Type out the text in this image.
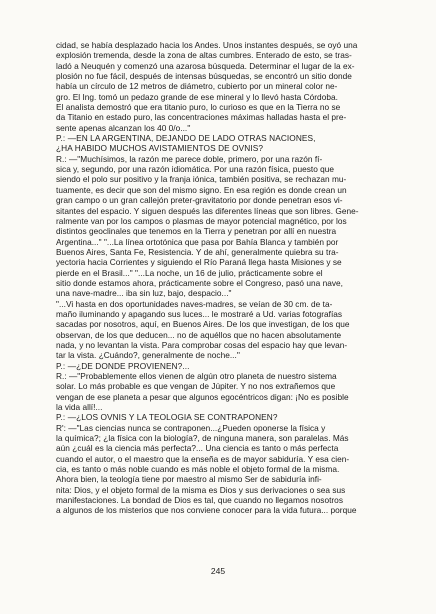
cidad, se había desplazado hacia los Andes. Unos instantes después, se oyó una
explosión tremenda, desde la zona de altas cumbres. Enterado de esto, se tras-
ladó a Neuquén y comenzó una azarosa búsqueda. Determinar el lugar de la ex-
plosión no fue fácil, después de intensas búsquedas, se encontró un sitio donde
había un círculo de 12 metros de diámetro, cubierto por un mineral color ne-
gro. El Ing. tomó un pedazo grande de ese mineral y lo llevó hasta Córdoba.
El analista demostró que era titanio puro, lo curioso es que en la Tierra no se
da Titanio en estado puro, las concentraciones máximas halladas hasta el pre-
sente apenas alcanzan los 40 0/o...''

P.: —EN LA ARGENTINA, DEJANDO DE LADO OTRAS NACIONES,
¿HA HABIDO MUCHOS AVISTAMIENTOS DE OVNIS?

R.: —"Muchísimos, la razón me parece doble, primero, por una razón fí-
sica y, segundo, por una razón idiomática. Por una razón física, puesto que
siendo el polo sur positivo y la franja iónica, también positiva, se rechazan mu-
tuamente, es decir que son del mismo signo. En esa región es donde crean un
gran campo o un gran callejón preter-gravitatorio por donde penetran esos vi-
sitantes del espacio. Y siguen después las diferentes líneas que son libres. Gene-
ralmente van por los campos o plasmas de mayor potencial magnético, por los
distintos geoclinales que tenemos en la Tierra y penetran por allí en nuestra
Argentina..." "...La línea ortotónica que pasa por Bahía Blanca y también por
Buenos Aires, Santa Fe, Resistencia. Y de ahí, generalmente quiebra su tra-
yectoria hacia Corrientes y siguiendo el Río Paraná llega hasta Misiones y se
pierde en el Brasil..." "...La noche, un 16 de julio, prácticamente sobre el
sitio donde estamos ahora, prácticamente sobre el Congreso, pasó una nave,
una nave-madre... iba sin luz, bajo, despacio..."

"...Vi hasta en dos oportunidades naves-madres, se veían de 30 cm. de ta-
maño iluminando y apagando sus luces... le mostraré a Ud. varias fotografías
sacadas por nosotros, aquí, en Buenos Aires. De los que investigan, de los que
observan, de los que deducen... no de aquéllos que no hacen absolutamente
nada, y no levantan la vista. Para comprobar cosas del espacio hay que levan-
tar la vista. ¿Cuándo?, generalmente de noche...''

P.: —¿DE DONDE PROVIENEN?...

R.: —"Probablemente ellos vienen de algún otro planeta de nuestro sistema
solar. Lo más probable es que vengan de Júpiter. Y no nos extrañemos que
vengan de ese planeta a pesar que algunos egocéntricos digan: ¡No es posible
la vida allí!...

P.: —¿LOS OVNIS Y LA TEOLOGIA SE CONTRAPONEN?

R': —"Las ciencias nunca se contraponen...¿Pueden oponerse la física y
la química?; ¿la física con la biología?, de ninguna manera, son paralelas. Más
aún ¿cuál es la ciencia más perfecta?... Una ciencia es tanto o más perfecta
cuando el autor, o el maestro que la enseña es de mayor sabiduría. Y esa cien-
cia, es tanto o más noble cuando es más noble el objeto formal de la misma.

Ahora bien, la teología tiene por maestro al mismo Ser de sabiduría infi-
nita: Dios, y el objeto formal de la misma es Dios y sus derivaciones o sea sus
manifestaciones. La bondad de Dios es tal, que cuando no llegamos nosotros
a algunos de los misterios que nos conviene conocer para la vida futura... porque

245
